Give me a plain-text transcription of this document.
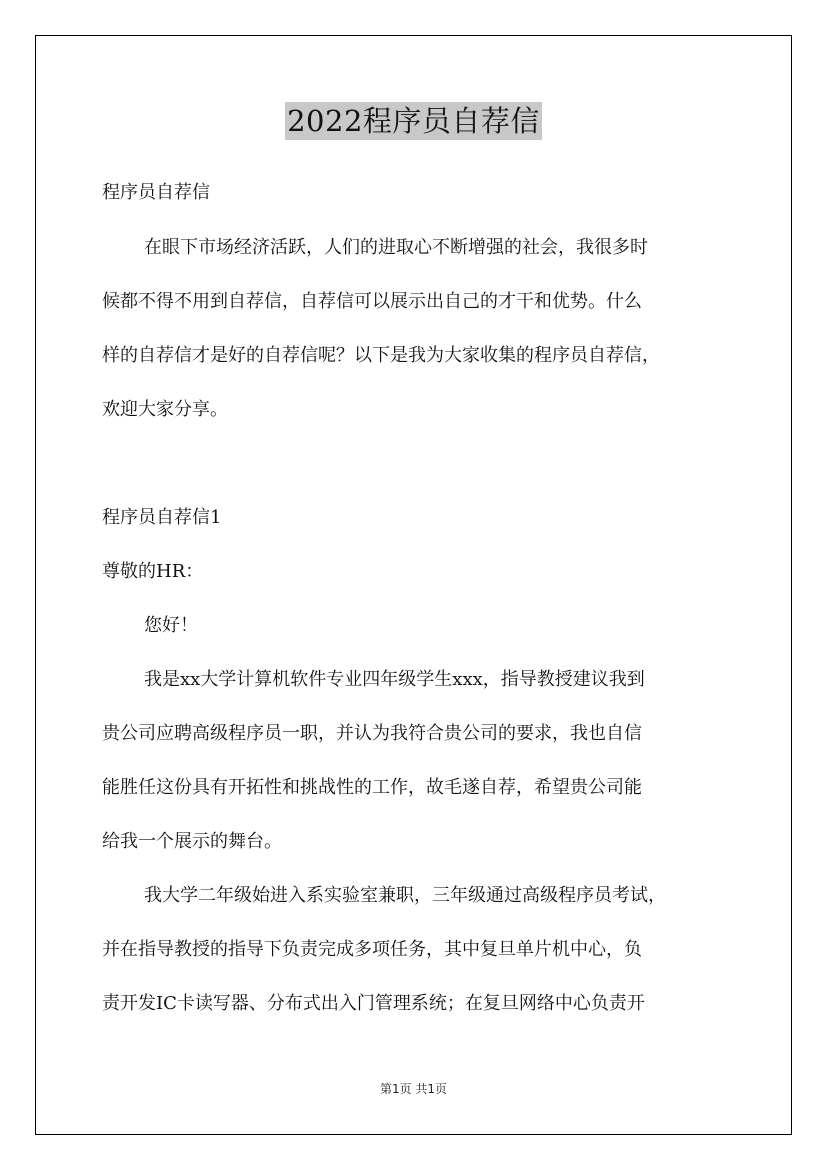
2022程序员自荐信

程序员自荐信

在眼下市场经济活跃，人们的进取心不断增强的社会，我很多时
候都不得不用到自荐信，自荐信可以展示出自己的才干和优势。什么
样的自荐信才是好的自荐信呢？以下是我为大家收集的程序员自荐信，
欢迎大家分享。

程序员自荐信1

尊敬的HR：

您好！

我是xx大学计算机软件专业四年级学生xxx，指导教授建议我到
贵公司应聘高级程序员一职，并认为我符合贵公司的要求，我也自信
能胜任这份具有开拓性和挑战性的工作，故毛遂自荐，希望贵公司能
给我一个展示的舞台。
我大学二年级始进入系实验室兼职，三年级通过高级程序员考试，
并在指导教授的指导下负责完成多项任务，其中复旦单片机中心，负
责开发IC卡读写器、分布式出入门管理系统；在复旦网络中心负责开
第1页 共1页
